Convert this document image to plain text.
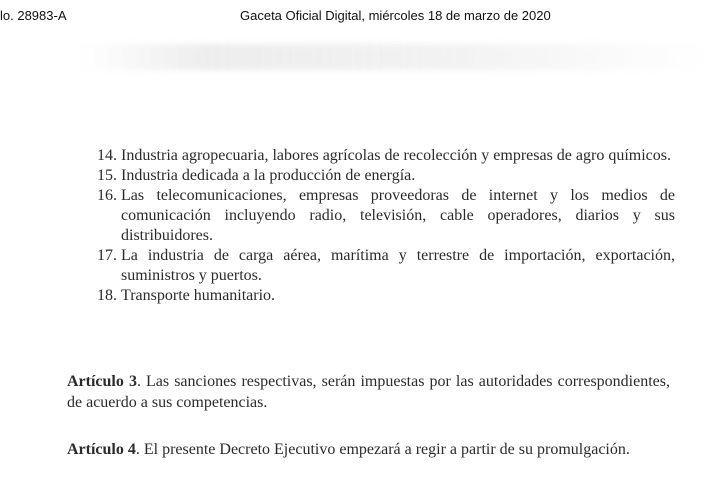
lo. 28983-A	Gaceta Oficial Digital, miércoles 18 de marzo de 2020
14. Industria agropecuaria, labores agrícolas de recolección y empresas de agro químicos.
15. Industria dedicada a la producción de energía.
16. Las telecomunicaciones, empresas proveedoras de internet y los medios de comunicación incluyendo radio, televisión, cable operadores, diarios y sus distribuidores.
17. La industria de carga aérea, marítima y terrestre de importación, exportación, suministros y puertos.
18. Transporte humanitario.

Artículo 3. Las sanciones respectivas, serán impuestas por las autoridades correspondientes, de acuerdo a sus competencias.

Artículo 4. El presente Decreto Ejecutivo empezará a regir a partir de su promulgación.
